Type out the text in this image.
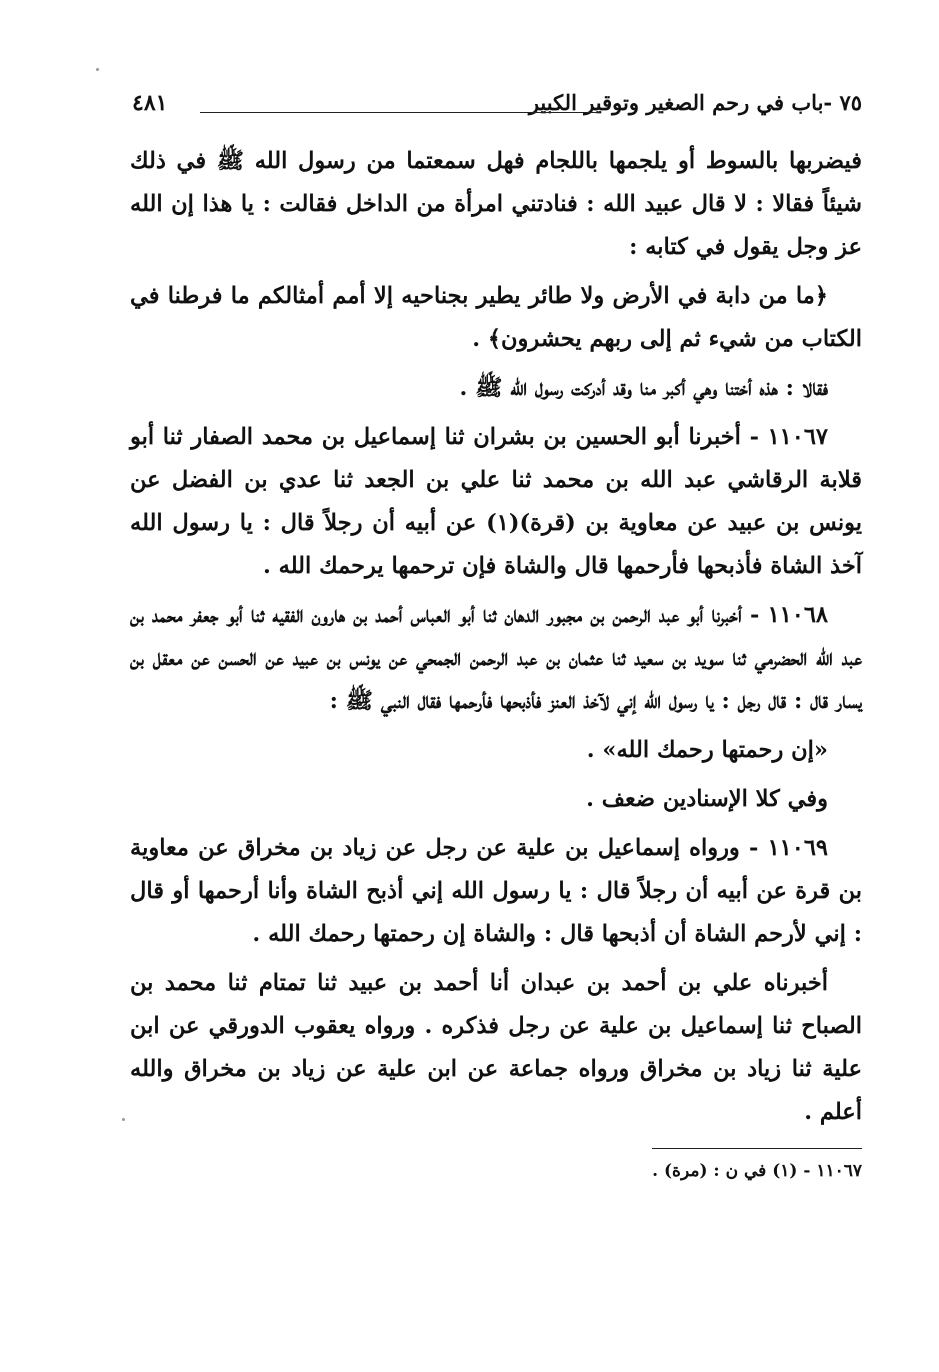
٧٥ -باب في رحم الصغير وتوقير الكبير
٤٨١

فيضربها بالسوط أو يلجمها باللجام فهل سمعتما من رسول الله ﷺ في ذلك شيئاً فقالا : لا قال عبيد الله : فنادتني امرأة من الداخل فقالت : يا هذا إن الله عز وجل يقول في كتابه :

﴿ما من دابة في الأرض ولا طائر يطير بجناحيه إلا أمم أمثالكم ما فرطنا في الكتاب من شيء ثم إلى ربهم يحشرون﴾ .

فقالا : هذه أختنا وهي أكبر منا وقد أدركت رسول الله ﷺ .

١١٠٦٧ - أخبرنا أبو الحسين بن بشران ثنا إسماعيل بن محمد الصفار ثنا أبو قلابة الرقاشي عبد الله بن محمد ثنا علي بن الجعد ثنا عدي بن الفضل عن يونس بن عبيد عن معاوية بن (قرة)(١) عن أبيه أن رجلاً قال : يا رسول الله آخذ الشاة فأذبحها فأرحمها قال والشاة فإن ترحمها يرحمك الله .

١١٠٦٨ - أخبرنا أبو عبد الرحمن بن مجبور الدهان ثنا أبو العباس أحمد بن هارون الفقيه ثنا أبو جعفر محمد بن عبد الله الحضرمي ثنا سويد بن سعيد ثنا عثمان بن عبد الرحمن الجمحي عن يونس بن عبيد عن الحسن عن معقل بن يسار قال : قال رجل : يا رسول الله إني لآخذ العنز فأذبحها فأرحمها فقال النبي ﷺ :

«إن رحمتها رحمك الله» .

وفي كلا الإسنادين ضعف .

١١٠٦٩ - ورواه إسماعيل بن علية عن رجل عن زياد بن مخراق عن معاوية بن قرة عن أبيه أن رجلاً قال : يا رسول الله إني أذبح الشاة وأنا أرحمها أو قال : إني لأرحم الشاة أن أذبحها قال : والشاة إن رحمتها رحمك الله .

أخبرناه علي بن أحمد بن عبدان أنا أحمد بن عبيد ثنا تمتام ثنا محمد بن الصباح ثنا إسماعيل بن علية عن رجل فذكره . ورواه يعقوب الدورقي عن ابن علية ثنا زياد بن مخراق ورواه جماعة عن ابن علية عن زياد بن مخراق والله أعلم .

١١٠٦٧ - (١) في ن : (مرة) .
